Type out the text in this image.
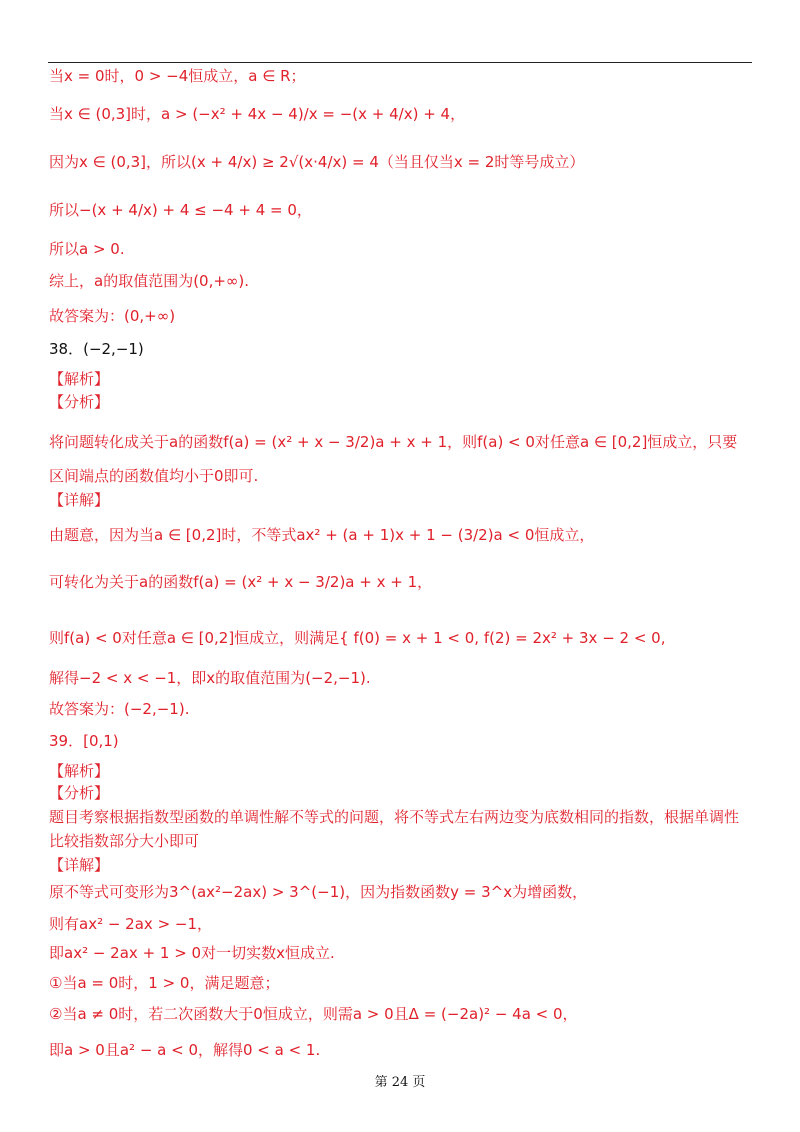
当x = 0时，0 > −4恒成立，a ∈ R；
当x ∈ (0,3]时，a > (−x² + 4x − 4)/x = −(x + 4/x) + 4，
因为x ∈ (0,3]，所以(x + 4/x) ≥ 2√(x·4/x) = 4（当且仅当x = 2时等号成立）
所以−(x + 4/x) + 4 ≤ −4 + 4 = 0，
所以a > 0.
综上，a的取值范围为(0,+∞).
故答案为：(0,+∞)
38．(−2,−1)
【解析】
【分析】
将问题转化成关于a的函数f(a) = (x² + x − 3/2)a + x + 1，则f(a) < 0对任意a ∈ [0,2]恒成立，只要区间端点的函数值均小于0即可.
【详解】
由题意，因为当a ∈ [0,2]时，不等式ax² + (a + 1)x + 1 − (3/2)a < 0恒成立，
可转化为关于a的函数f(a) = (x² + x − 3/2)a + x + 1，
则f(a) < 0对任意a ∈ [0,2]恒成立，则满足{ f(0) = x + 1 < 0, f(2) = 2x² + 3x − 2 < 0,
解得−2 < x < −1，即x的取值范围为(−2,−1).
故答案为：(−2,−1).
39．[0,1)
【解析】
【分析】
题目考察根据指数型函数的单调性解不等式的问题，将不等式左右两边变为底数相同的指数，根据单调性比较指数部分大小即可
【详解】
原不等式可变形为3^(ax²−2ax) > 3^(−1)，因为指数函数y = 3^x为增函数，
则有ax² − 2ax > −1，
即ax² − 2ax + 1 > 0对一切实数x恒成立.
①当a = 0时，1 > 0，满足题意；
②当a ≠ 0时，若二次函数大于0恒成立，则需a > 0且Δ = (−2a)² − 4a < 0，
即a > 0且a² − a < 0，解得0 < a < 1.
第 24 页
